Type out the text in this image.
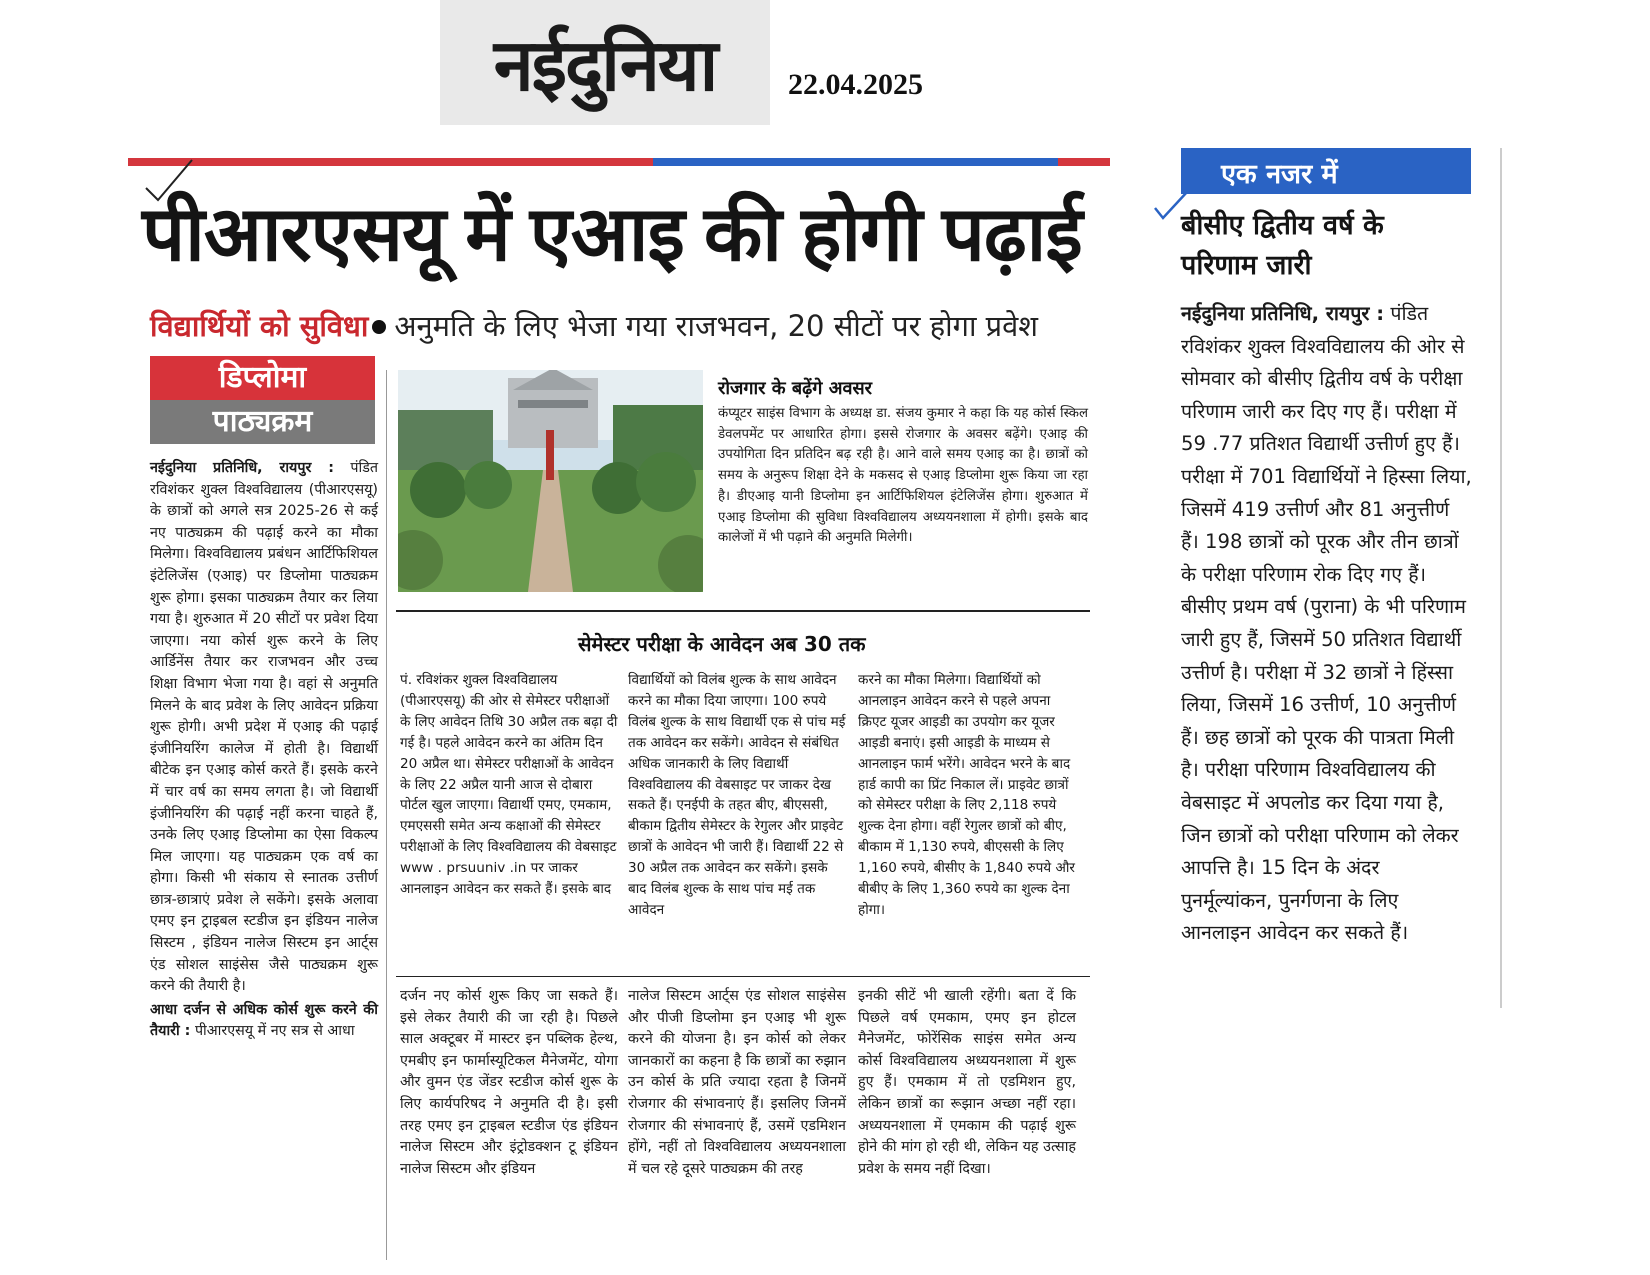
नईदुनिया 22.04.2025
पीआरएसयू में एआइ की होगी पढ़ाई
विद्यार्थियों को सुविधा अनुमति के लिए भेजा गया राजभवन, 20 सीटों पर होगा प्रवेश
डिप्लोमा
पाठ्यक्रम

नईदुनिया प्रतिनिधि, रायपुर : पंडित रविशंकर शुक्ल विश्वविद्यालय (पीआरएसयू) के छात्रों को अगले सत्र 2025-26 से कई नए पाठ्यक्रम की पढ़ाई करने का मौका मिलेगा। विश्वविद्यालय प्रबंधन आर्टिफिशियल इंटेलिजेंस (एआइ) पर डिप्लोमा पाठ्यक्रम शुरू होगा। इसका पाठ्यक्रम तैयार कर लिया गया है। शुरुआत में 20 सीटों पर प्रवेश दिया जाएगा। नया कोर्स शुरू करने के लिए आर्डिनेंस तैयार कर राजभवन और उच्च शिक्षा विभाग भेजा गया है। वहां से अनुमति मिलने के बाद प्रवेश के लिए आवेदन प्रक्रिया शुरू होगी। अभी प्रदेश में एआइ की पढ़ाई इंजीनियरिंग कालेज में होती है। विद्यार्थी बीटेक इन एआइ कोर्स करते हैं। इसके करने में चार वर्ष का समय लगता है। जो विद्यार्थी इंजीनियरिंग की पढ़ाई नहीं करना चाहते हैं, उनके लिए एआइ डिप्लोमा का ऐसा विकल्प मिल जाएगा। यह पाठ्यक्रम एक वर्ष का होगा। किसी भी संकाय से स्नातक उत्तीर्ण छात्र-छात्राएं प्रवेश ले सकेंगे। इसके अलावा एमए इन ट्राइबल स्टडीज इन इंडियन नालेज सिस्टम , इंडियन नालेज सिस्टम इन आर्ट्स एंड सोशल साइंसेस जैसे पाठ्यक्रम शुरू करने की तैयारी है।

आधा दर्जन से अधिक कोर्स शुरू करने की तैयारी : पीआरएसयू में नए सत्र से आधा

रोजगार के बढ़ेंगे अवसर
कंप्यूटर साइंस विभाग के अध्यक्ष डा. संजय कुमार ने कहा कि यह कोर्स स्किल डेवलपमेंट पर आधारित होगा। इससे रोजगार के अवसर बढ़ेंगे। एआइ की उपयोगिता दिन प्रतिदिन बढ़ रही है। आने वाले समय एआइ का है। छात्रों को समय के अनुरूप शिक्षा देने के मकसद से एआइ डिप्लोमा शुरू किया जा रहा है। डीएआइ यानी डिप्लोमा इन आर्टिफिशियल इंटेलिजेंस होगा। शुरुआत में एआइ डिप्लोमा की सुविधा विश्वविद्यालय अध्ययनशाला में होगी। इसके बाद कालेजों में भी पढ़ाने की अनुमति मिलेगी।
सेमेस्टर परीक्षा के आवेदन अब 30 तक
पं. रविशंकर शुक्ल विश्वविद्यालय (पीआरएसयू) की ओर से सेमेस्टर परीक्षाओं के लिए आवेदन तिथि 30 अप्रैल तक बढ़ा दी गई है। पहले आवेदन करने का अंतिम दिन 20 अप्रैल था। सेमेस्टर परीक्षाओं के आवेदन के लिए 22 अप्रैल यानी आज से दोबारा पोर्टल खुल जाएगा। विद्यार्थी एमए, एमकाम, एमएससी समेत अन्य कक्षाओं की सेमेस्टर परीक्षाओं के लिए विश्वविद्यालय की वेबसाइट www . prsuuniv .in पर जाकर आनलाइन आवेदन कर सकते हैं। इसके बाद
विद्यार्थियों को विलंब शुल्क के साथ आवेदन करने का मौका दिया जाएगा। 100 रुपये विलंब शुल्क के साथ विद्यार्थी एक से पांच मई तक आवेदन कर सकेंगे। आवेदन से संबंधित अधिक जानकारी के लिए विद्यार्थी विश्वविद्यालय की वेबसाइट पर जाकर देख सकते हैं। एनईपी के तहत बीए, बीएससी, बीकाम द्वितीय सेमेस्टर के रेगुलर और प्राइवेट छात्रों के आवेदन भी जारी हैं। विद्यार्थी 22 से 30 अप्रैल तक आवेदन कर सकेंगे। इसके बाद विलंब शुल्क के साथ पांच मई तक आवेदन
करने का मौका मिलेगा। विद्यार्थियों को आनलाइन आवेदन करने से पहले अपना क्रिएट यूजर आइडी का उपयोग कर यूजर आइडी बनाएं। इसी आइडी के माध्यम से आनलाइन फार्म भरेंगे। आवेदन भरने के बाद हार्ड कापी का प्रिंट निकाल लें। प्राइवेट छात्रों को सेमेस्टर परीक्षा के लिए 2,118 रुपये शुल्क देना होगा। वहीं रेगुलर छात्रों को बीए, बीकाम में 1,130 रुपये, बीएससी के लिए 1,160 रुपये, बीसीए के 1,840 रुपये और बीबीए के लिए 1,360 रुपये का शुल्क देना होगा।
दर्जन नए कोर्स शुरू किए जा सकते हैं। इसे लेकर तैयारी की जा रही है। पिछले साल अक्टूबर में मास्टर इन पब्लिक हेल्थ, एमबीए इन फार्मास्यूटिकल मैनेजमेंट, योगा और वुमन एंड जेंडर स्टडीज कोर्स शुरू के लिए कार्यपरिषद ने अनुमति दी है। इसी तरह एमए इन ट्राइबल स्टडीज एंड इंडियन नालेज सिस्टम और इंट्रोडक्शन टू इंडियन नालेज सिस्टम और इंडियन
नालेज सिस्टम आर्ट्स एंड सोशल साइंसेस और पीजी डिप्लोमा इन एआइ भी शुरू करने की योजना है। इन कोर्स को लेकर जानकारों का कहना है कि छात्रों का रुझान उन कोर्स के प्रति ज्यादा रहता है जिनमें रोजगार की संभावनाएं हैं। इसलिए जिनमें रोजगार की संभावनाएं हैं, उसमें एडमिशन होंगे, नहीं तो विश्वविद्यालय अध्ययनशाला में चल रहे दूसरे पाठ्यक्रम की तरह
इनकी सीटें भी खाली रहेंगी। बता दें कि पिछले वर्ष एमकाम, एमए इन होटल मैनेजमेंट, फोरेंसिक साइंस समेत अन्य कोर्स विश्वविद्यालय अध्ययनशाला में शुरू हुए हैं। एमकाम में तो एडमिशन हुए, लेकिन छात्रों का रूझान अच्छा नहीं रहा। अध्ययनशाला में एमकाम की पढ़ाई शुरू होने की मांग हो रही थी, लेकिन यह उत्साह प्रवेश के समय नहीं दिखा।
एक नजर में
बीसीए द्वितीय वर्ष के परिणाम जारी
नईदुनिया प्रतिनिधि, रायपुर : पंडित रविशंकर शुक्ल विश्वविद्यालय की ओर से सोमवार को बीसीए द्वितीय वर्ष के परीक्षा परिणाम जारी कर दिए गए हैं। परीक्षा में 59 .77 प्रतिशत विद्यार्थी उत्तीर्ण हुए हैं। परीक्षा में 701 विद्यार्थियों ने हिस्सा लिया, जिसमें 419 उत्तीर्ण और 81 अनुत्तीर्ण हैं। 198 छात्रों को पूरक और तीन छात्रों के परीक्षा परिणाम रोक दिए गए हैं। बीसीए प्रथम वर्ष (पुराना) के भी परिणाम जारी हुए हैं, जिसमें 50 प्रतिशत विद्यार्थी उत्तीर्ण है। परीक्षा में 32 छात्रों ने हिंस्सा लिया, जिसमें 16 उत्तीर्ण, 10 अनुत्तीर्ण हैं। छह छात्रों को पूरक की पात्रता मिली है। परीक्षा परिणाम विश्वविद्यालय की वेबसाइट में अपलोड कर दिया गया है, जिन छात्रों को परीक्षा परिणाम को लेकर आपत्ति है। 15 दिन के अंदर पुनर्मूल्यांकन, पुनर्गणना के लिए आनलाइन आवेदन कर सकते हैं।
